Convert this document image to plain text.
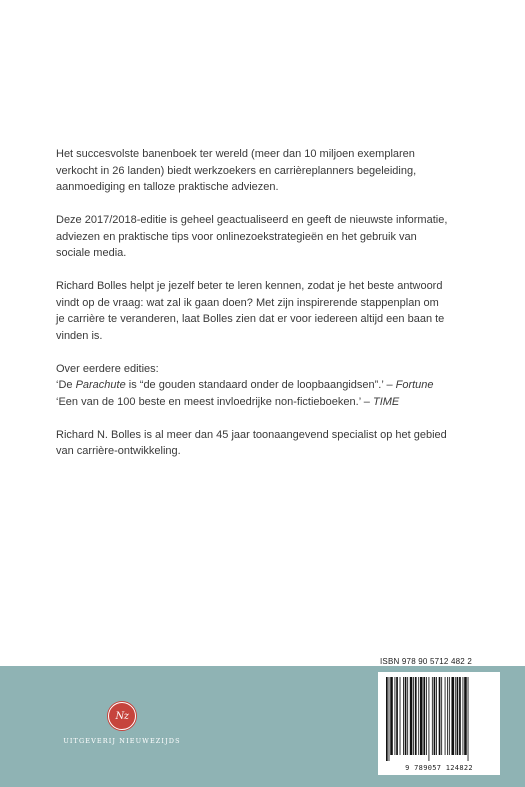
Het succesvolste banenboek ter wereld (meer dan 10 miljoen exemplaren
verkocht in 26 landen) biedt werkzoekers en carrièreplanners begeleiding,
aanmoediging en talloze praktische adviezen.

Deze 2017/2018-editie is geheel geactualiseerd en geeft de nieuwste informatie,
adviezen en praktische tips voor onlinezoekstrategieën en het gebruik van
sociale media.

Richard Bolles helpt je jezelf beter te leren kennen, zodat je het beste antwoord
vindt op de vraag: wat zal ik gaan doen? Met zijn inspirerende stappenplan om
je carrière te veranderen, laat Bolles zien dat er voor iedereen altijd een baan te
vinden is.

Over eerdere edities:
‘De Parachute is “de gouden standaard onder de loopbaangidsen”.’ – Fortune
‘Een van de 100 beste en meest invloedrijke non-fictieboeken.’ – TIME

Richard N. Bolles is al meer dan 45 jaar toonaangevend specialist op het gebied
van carrière-ontwikkeling.

ISBN 978 90 5712 482 2
Nz
UITGEVERIJ NIEUWEZIJDS
9 789057 124822
